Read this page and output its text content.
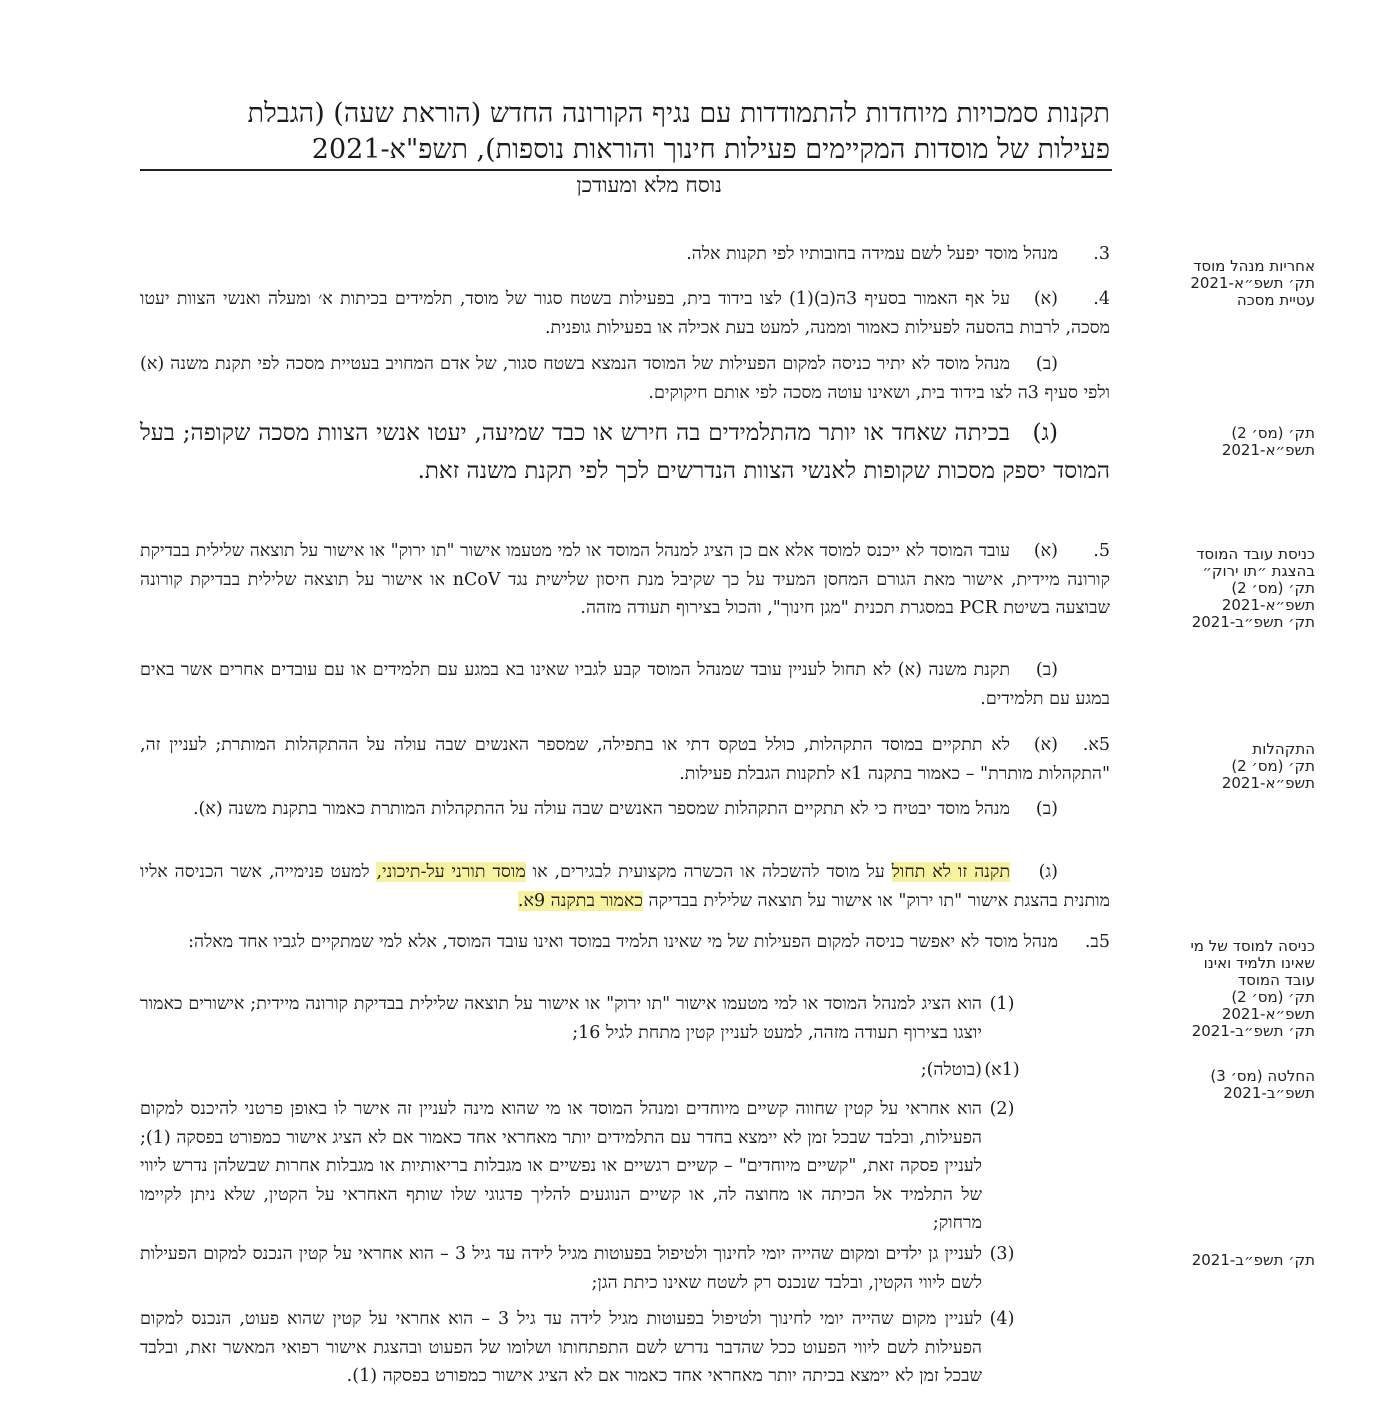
תקנות סמכויות מיוחדות להתמודדות עם נגיף הקורונה החדש (הוראת שעה) (הגבלת
פעילות של מוסדות המקיימים פעילות חינוך והוראות נוספות), תשפ"א-2021
נוסח מלא ומעודכן
אחריות מנהל מוסד
תק׳ תשפ״א-2021
עטיית מסכה
תק׳ (מס׳ 2)
תשפ״א-2021
כניסת עובד המוסד
בהצגת ״תו ירוק״
תק׳ (מס׳ 2)
תשפ״א-2021
תק׳ תשפ״ב-2021
התקהלות
תק׳ (מס׳ 2)
תשפ״א-2021
כניסה למוסד של מי
שאינו תלמיד ואינו
עובד המוסד
תק׳ (מס׳ 2)
תשפ״א-2021
תק׳ תשפ״ב-2021
החלטה (מס׳ 3)
תשפ״ב-2021
תק׳ תשפ״ב-2021
3.מנהל מוסד יפעל לשם עמידה בחובותיו לפי תקנות אלה.
4.(א)על אף האמור בסעיף 3ה(ב)(1) לצו בידוד בית, בפעילות בשטח סגור של מוסד, תלמידים בכיתות א׳ ומעלה ואנשי הצוות יעטו מסכה, לרבות בהסעה לפעילות כאמור וממנה, למעט בעת אכילה או בפעילות גופנית.
(ב)מנהל מוסד לא יתיר כניסה למקום הפעילות של המוסד הנמצא בשטח סגור, של אדם המחויב בעטיית מסכה לפי תקנת משנה (א) ולפי סעיף 3ה לצו בידוד בית, ושאינו עוטה מסכה לפי אותם חיקוקים.
(ג)בכיתה שאחד או יותר מהתלמידים בה חירש או כבד שמיעה, יעטו אנשי הצוות מסכה שקופה; בעל המוסד יספק מסכות שקופות לאנשי הצוות הנדרשים לכך לפי תקנת משנה זאת.
5.(א)עובד המוסד לא ייכנס למוסד אלא אם כן הציג למנהל המוסד או למי מטעמו אישור "תו ירוק" או אישור על תוצאה שלילית בבדיקת קורונה מיידית, אישור מאת הגורם המחסן המעיד על כך שקיבל מנת חיסון שלישית נגד nCoV או אישור על תוצאה שלילית בבדיקת קורונה שבוצעה בשיטת PCR במסגרת תכנית "מגן חינוך", והכול בצירוף תעודה מזהה.
(ב)תקנת משנה (א) לא תחול לעניין עובד שמנהל המוסד קבע לגביו שאינו בא במגע עם תלמידים או עם עובדים אחרים אשר באים במגע עם תלמידים.
5א.(א)לא תתקיים במוסד התקהלות, כולל בטקס דתי או בתפילה, שמספר האנשים שבה עולה על ההתקהלות המותרת; לעניין זה, "התקהלות מותרת" – כאמור בתקנה 1א לתקנות הגבלת פעילות.
(ב)מנהל מוסד יבטיח כי לא תתקיים התקהלות שמספר האנשים שבה עולה על ההתקהלות המותרת כאמור בתקנת משנה (א).
(ג)תקנה זו לא תחול על מוסד להשכלה או הכשרה מקצועית לבגירים, או מוסד תורני על-תיכוני, למעט פנימייה, אשר הכניסה אליו מותנית בהצגת אישור "תו ירוק" או אישור על תוצאה שלילית בבדיקה כאמור בתקנה 9א.
5ב.מנהל מוסד לא יאפשר כניסה למקום הפעילות של מי שאינו תלמיד במוסד ואינו עובד המוסד, אלא למי שמתקיים לגביו אחד מאלה:
(1)
הוא הציג למנהל המוסד או למי מטעמו אישור "תו ירוק" או אישור על תוצאה שלילית בבדיקת קורונה מיידית; אישורים כאמור יוצגו בצירוף תעודה מזהה, למעט לעניין קטין מתחת לגיל 16;
(1א)
(בוטלה);
(2)
הוא אחראי על קטין שחווה קשיים מיוחדים ומנהל המוסד או מי שהוא מינה לעניין זה אישר לו באופן פרטני להיכנס למקום הפעילות, ובלבד שבכל זמן לא יימצא בחדר עם התלמידים יותר מאחראי אחד כאמור אם לא הציג אישור כמפורט בפסקה (1); לעניין פסקה זאת, "קשיים מיוחדים" – קשיים רגשיים או נפשיים או מגבלות בריאותיות או מגבלות אחרות שבשלהן נדרש ליווי של התלמיד אל הכיתה או מחוצה לה, או קשיים הנוגעים להליך פדגוגי שלו שותף האחראי על הקטין, שלא ניתן לקיימו מרחוק;
(3)
לעניין גן ילדים ומקום שהייה יומי לחינוך ולטיפול בפעוטות מגיל לידה עד גיל 3 – הוא אחראי על קטין הנכנס למקום הפעילות לשם ליווי הקטין, ובלבד שנכנס רק לשטח שאינו כיתת הגן;
(4)
לעניין מקום שהייה יומי לחינוך ולטיפול בפעוטות מגיל לידה עד גיל 3 – הוא אחראי על קטין שהוא פעוט, הנכנס למקום הפעילות לשם ליווי הפעוט ככל שהדבר נדרש לשם התפתחותו ושלומו של הפעוט ובהצגת אישור רפואי המאשר זאת, ובלבד שבכל זמן לא יימצא בכיתה יותר מאחראי אחד כאמור אם לא הציג אישור כמפורט בפסקה (1).
